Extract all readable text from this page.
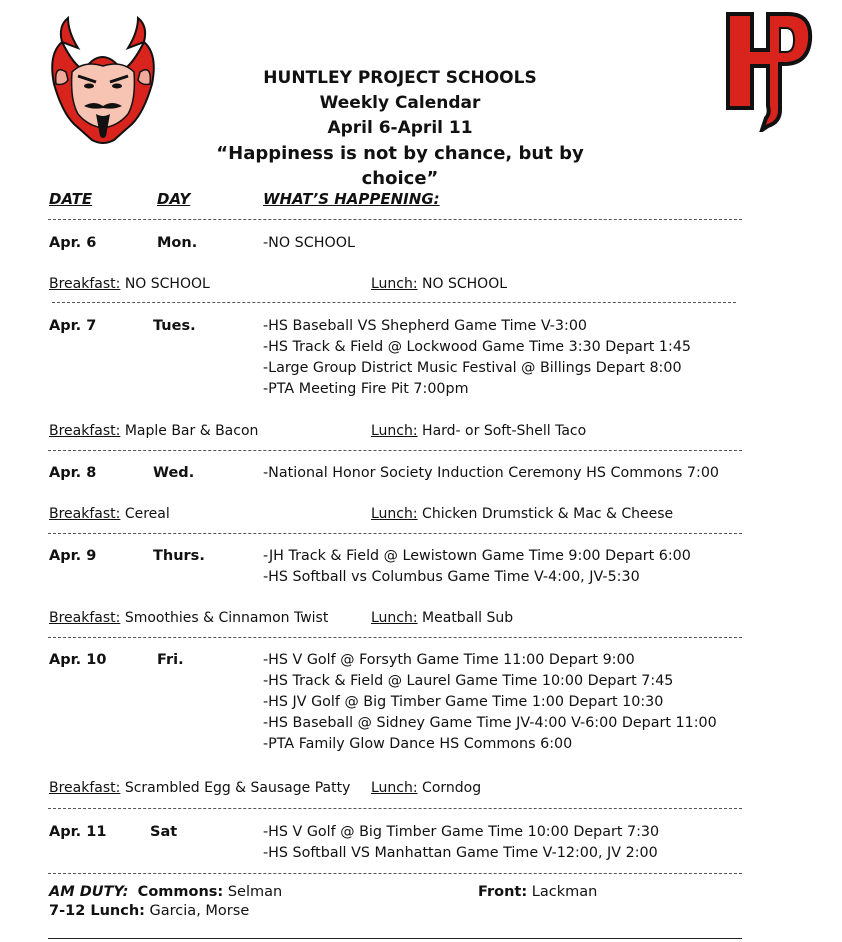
HUNTLEY PROJECT SCHOOLS
Weekly Calendar
April 6-April 11
“Happiness is not by chance, but by choice”
DATE	DAY	WHAT’S HAPPENING:
Apr. 6	Mon.	-NO SCHOOL
Breakfast: NO SCHOOL	Lunch: NO SCHOOL
Apr. 7	Tues.	-HS Baseball VS Shepherd Game Time V-3:00
-HS Track & Field @ Lockwood Game Time 3:30 Depart 1:45
-Large Group District Music Festival @ Billings Depart 8:00
-PTA Meeting Fire Pit 7:00pm
Breakfast: Maple Bar & Bacon	Lunch: Hard- or Soft-Shell Taco
Apr. 8	Wed.	-National Honor Society Induction Ceremony HS Commons 7:00
Breakfast: Cereal	Lunch: Chicken Drumstick & Mac & Cheese
Apr. 9	Thurs.	-JH Track & Field @ Lewistown Game Time 9:00 Depart 6:00
-HS Softball vs Columbus Game Time V-4:00, JV-5:30
Breakfast: Smoothies & Cinnamon Twist	Lunch: Meatball Sub
Apr. 10	Fri.	-HS V Golf @ Forsyth Game Time 11:00 Depart 9:00
-HS Track & Field @ Laurel Game Time 10:00 Depart 7:45
-HS JV Golf @ Big Timber Game Time 1:00 Depart 10:30
-HS Baseball @ Sidney Game Time JV-4:00 V-6:00 Depart 11:00
-PTA Family Glow Dance HS Commons 6:00
Breakfast: Scrambled Egg & Sausage Patty Lunch: Corndog
Apr. 11	Sat	-HS V Golf @ Big Timber Game Time 10:00 Depart 7:30
-HS Softball VS Manhattan Game Time V-12:00, JV 2:00
AM DUTY: Commons: Selman	Front: Lackman
7-12 Lunch: Garcia, Morse
